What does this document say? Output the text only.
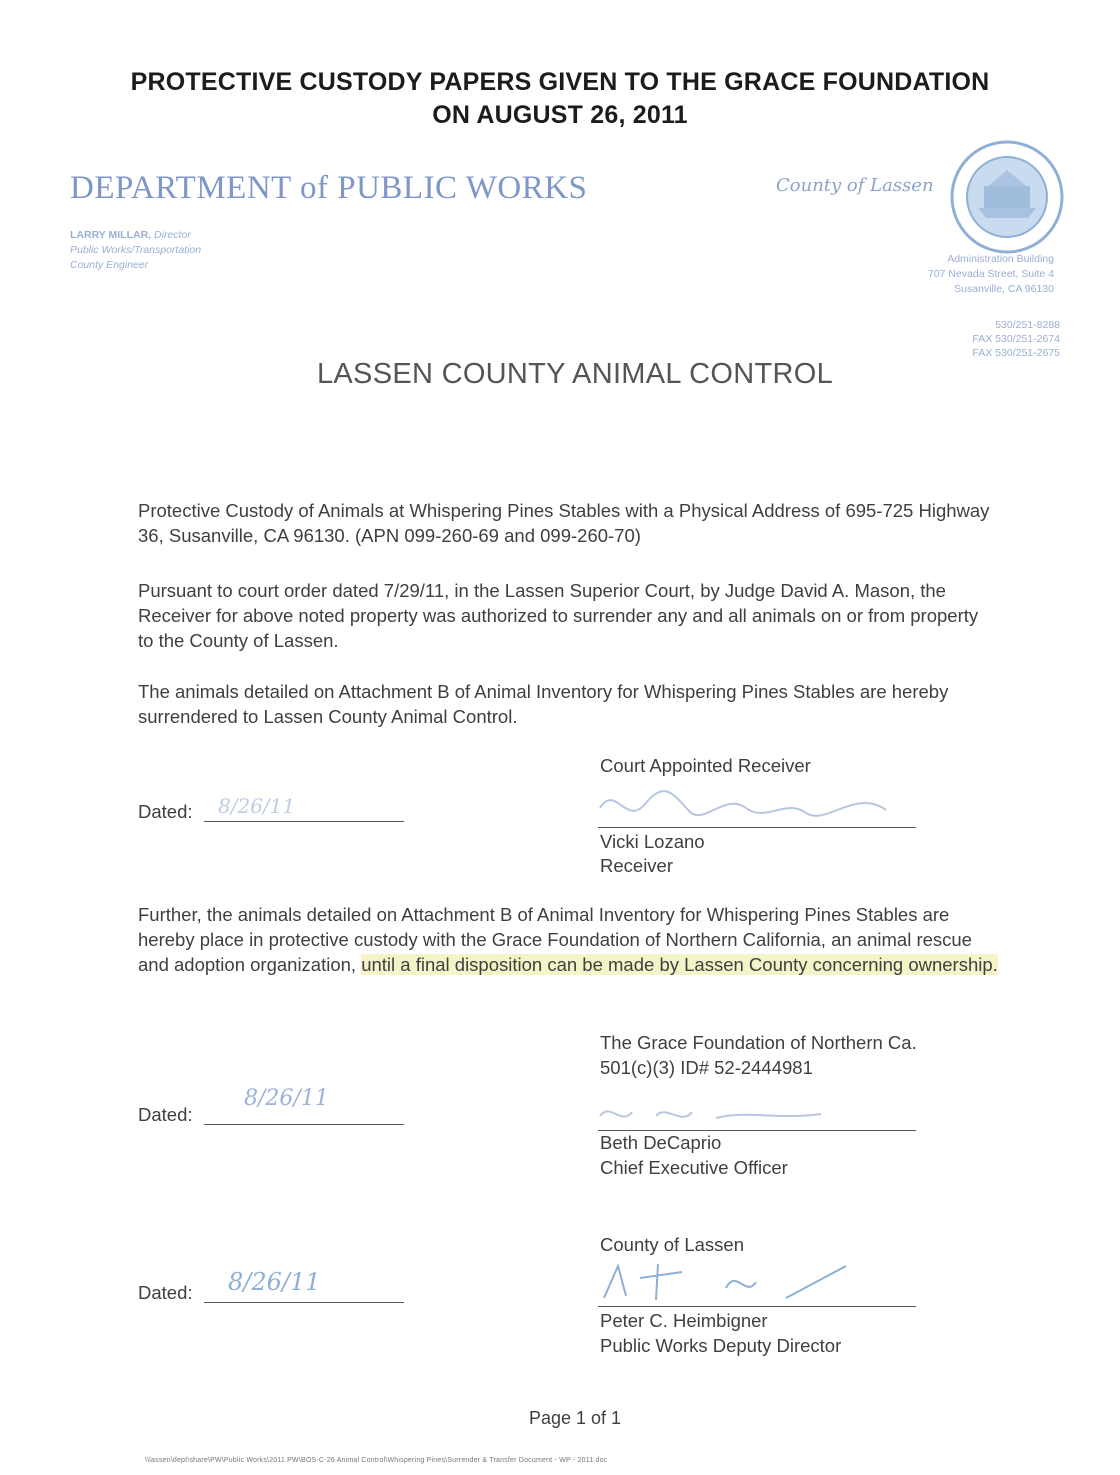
PROTECTIVE CUSTODY PAPERS GIVEN TO THE GRACE FOUNDATION
ON AUGUST 26, 2011
DEPARTMENT of PUBLIC WORKS	County of Lassen
LARRY MILLAR, Director
Public Works/Transportation
County Engineer	Administration Building
707 Nevada Street, Suite 4
Susanville, CA 96130
530/251-8288
FAX 530/251-2674
FAX 530/251-2675
LASSEN COUNTY ANIMAL CONTROL
Protective Custody of Animals at Whispering Pines Stables with a Physical Address of 695-725 Highway 36, Susanville, CA 96130. (APN 099-260-69 and 099-260-70)
Pursuant to court order dated 7/29/11, in the Lassen Superior Court, by Judge David A. Mason, the Receiver for above noted property was authorized to surrender any and all animals on or from property to the County of Lassen.
The animals detailed on Attachment B of Animal Inventory for Whispering Pines Stables are hereby surrendered to Lassen County Animal Control.
Court Appointed Receiver
Dated: 8/26/11
Vicki Lozano
Receiver
Further, the animals detailed on Attachment B of Animal Inventory for Whispering Pines Stables are hereby place in protective custody with the Grace Foundation of Northern California, an animal rescue and adoption organization, until a final disposition can be made by Lassen County concerning ownership.
The Grace Foundation of Northern Ca.
501(c)(3) ID# 52-2444981
Dated:
8/26/11
Beth DeCaprio
Chief Executive Officer
County of Lassen
Dated: 8/26/11
Peter C. Heimbigner
Public Works Deputy Director
Page 1 of 1
\\lassen\dept\share\PW\Public Works\2011 PW\BOS-C-26 Animal Control\Whispering Pines\Surrender & Transfer Document - WP - 2011.doc
